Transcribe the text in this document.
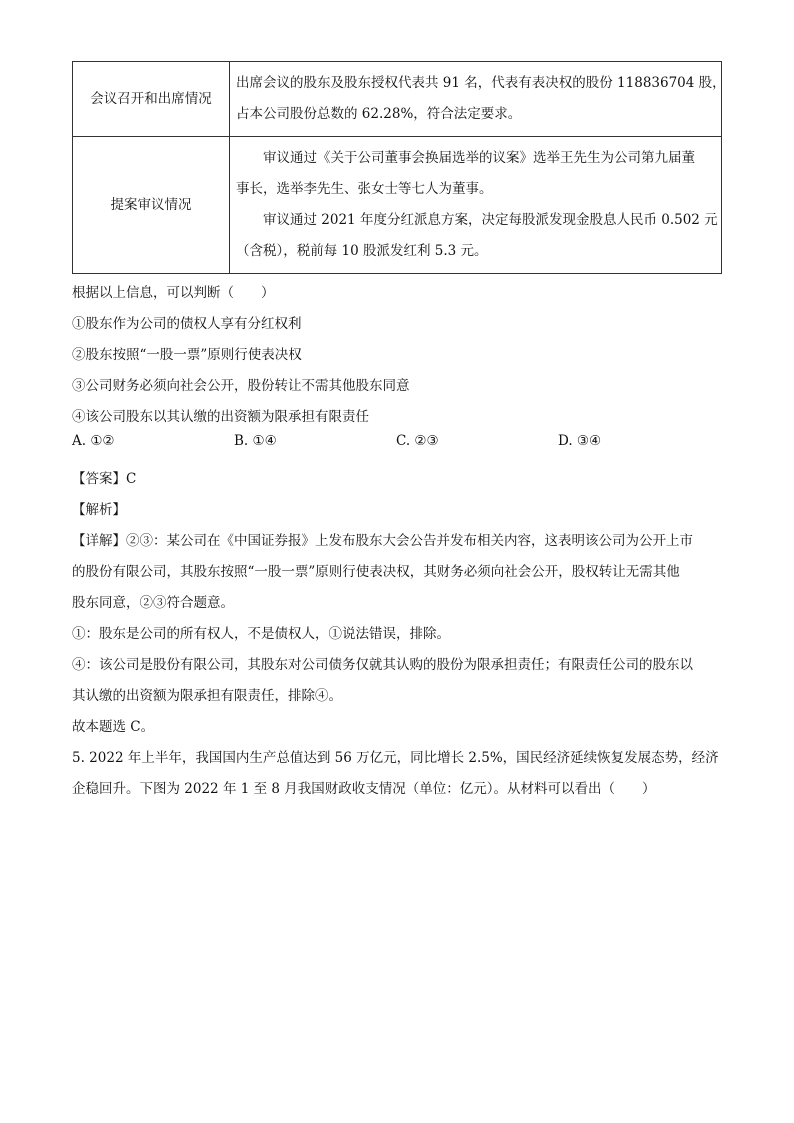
会议召开和出席情况	出席会议的股东及股东授权代表共 91 名，代表有表决权的股份 118836704 股，

占本公司股份总数的 62.28%，符合法定要求。

提案审议情况	审议通过《关于公司董事会换届选举的议案》选举王先生为公司第九届董

事长，选举李先生、张女士等七人为董事。

审议通过 2021 年度分红派息方案，决定每股派发现金股息人民币 0.502 元

（含税），税前每 10 股派发红利 5.3 元。

根据以上信息，可以判断（　　）

①股东作为公司的债权人享有分红权利

②股东按照“一股一票”原则行使表决权

③公司财务必须向社会公开，股份转让不需其他股东同意

④该公司股东以其认缴的出资额为限承担有限责任

A. ①②	B. ①④	C. ②③	D. ③④

【答案】C

【解析】

【详解】②③：某公司在《中国证券报》上发布股东大会公告并发布相关内容，这表明该公司为公开上市

的股份有限公司，其股东按照“一股一票”原则行使表决权，其财务必须向社会公开，股权转让无需其他

股东同意，②③符合题意。

①：股东是公司的所有权人，不是债权人，①说法错误，排除。

④：该公司是股份有限公司，其股东对公司债务仅就其认购的股份为限承担责任；有限责任公司的股东以

其认缴的出资额为限承担有限责任，排除④。

故本题选 C。

5. 2022 年上半年，我国国内生产总值达到 56 万亿元，同比增长 2.5%，国民经济延续恢复发展态势，经济

企稳回升。下图为 2022 年 1 至 8 月我国财政收支情况（单位：亿元）。从材料可以看出（　　）
